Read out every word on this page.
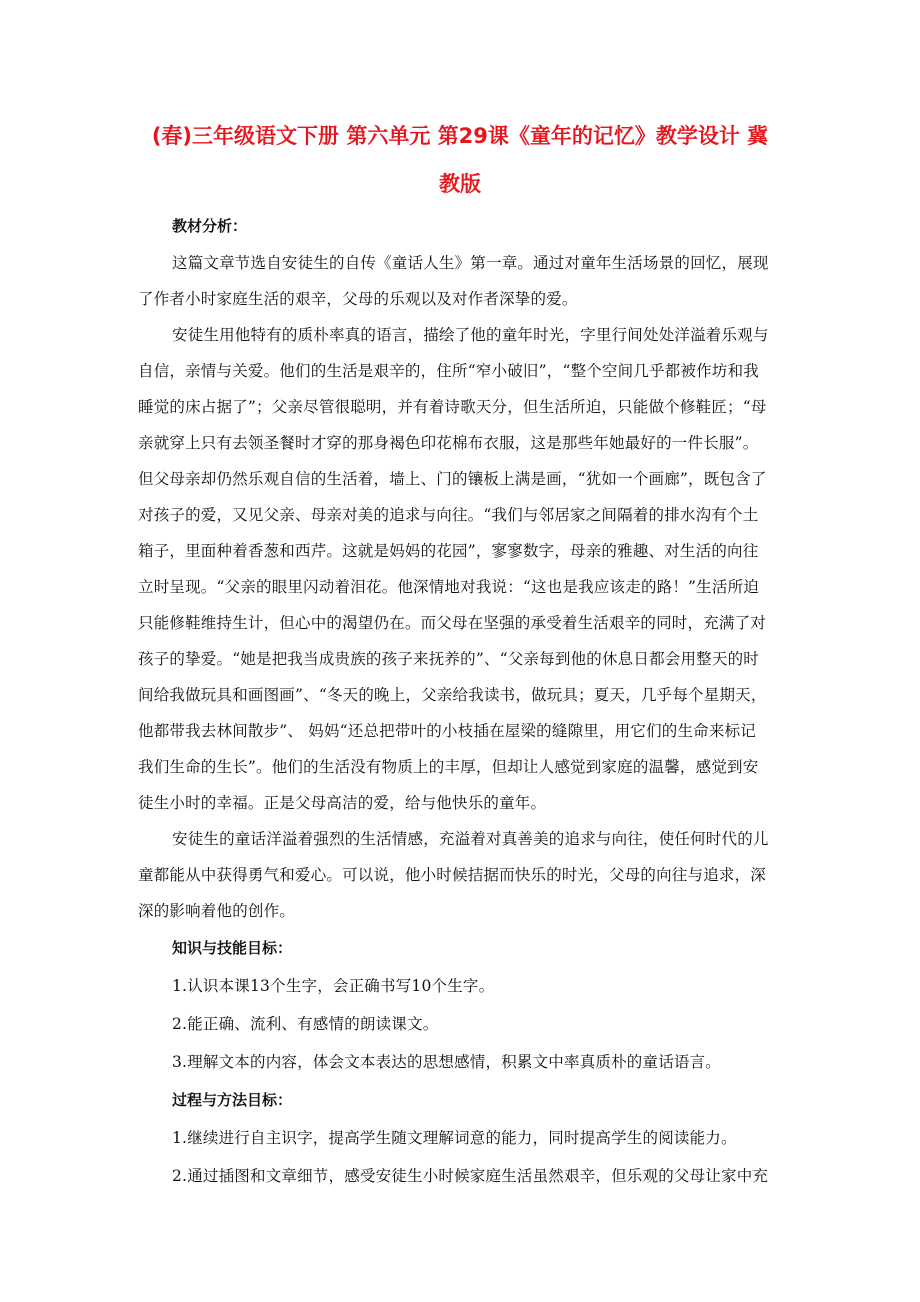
(春)三年级语文下册 第六单元 第29课《童年的记忆》教学设计 冀
教版
教材分析：
这篇文章节选自安徒生的自传《童话人生》第一章。通过对童年生活场景的回忆，展现
了作者小时家庭生活的艰辛，父母的乐观以及对作者深挚的爱。
安徒生用他特有的质朴率真的语言，描绘了他的童年时光，字里行间处处洋溢着乐观与
自信，亲情与关爱。他们的生活是艰辛的，住所“窄小破旧”，“整个空间几乎都被作坊和我
睡觉的床占据了”；父亲尽管很聪明，并有着诗歌天分，但生活所迫，只能做个修鞋匠；“母
亲就穿上只有去领圣餐时才穿的那身褐色印花棉布衣服，这是那些年她最好的一件长服”。
但父母亲却仍然乐观自信的生活着，墙上、门的镶板上满是画，“犹如一个画廊”，既包含了
对孩子的爱，又见父亲、母亲对美的追求与向往。“我们与邻居家之间隔着的排水沟有个土
箱子，里面种着香葱和西芹。这就是妈妈的花园”，寥寥数字，母亲的雅趣、对生活的向往
立时呈现。“父亲的眼里闪动着泪花。他深情地对我说：“这也是我应该走的路！”生活所迫
只能修鞋维持生计，但心中的渴望仍在。而父母在坚强的承受着生活艰辛的同时，充满了对
孩子的挚爱。“她是把我当成贵族的孩子来抚养的”、“父亲每到他的休息日都会用整天的时
间给我做玩具和画图画”、“冬天的晚上，父亲给我读书，做玩具；夏天，几乎每个星期天，
他都带我去林间散步”、 妈妈“还总把带叶的小枝插在屋梁的缝隙里，用它们的生命来标记
我们生命的生长”。他们的生活没有物质上的丰厚，但却让人感觉到家庭的温馨，感觉到安
徒生小时的幸福。正是父母高洁的爱，给与他快乐的童年。
安徒生的童话洋溢着强烈的生活情感，充溢着对真善美的追求与向往，使任何时代的儿
童都能从中获得勇气和爱心。可以说，他小时候拮据而快乐的时光，父母的向往与追求，深
深的影响着他的创作。
知识与技能目标：
1.认识本课13个生字，会正确书写10个生字。
2.能正确、流利、有感情的朗读课文。
3.理解文本的内容，体会文本表达的思想感情，积累文中率真质朴的童话语言。
过程与方法目标：
1.继续进行自主识字，提高学生随文理解词意的能力，同时提高学生的阅读能力。
2.通过插图和文章细节，感受安徒生小时候家庭生活虽然艰辛，但乐观的父母让家中充
